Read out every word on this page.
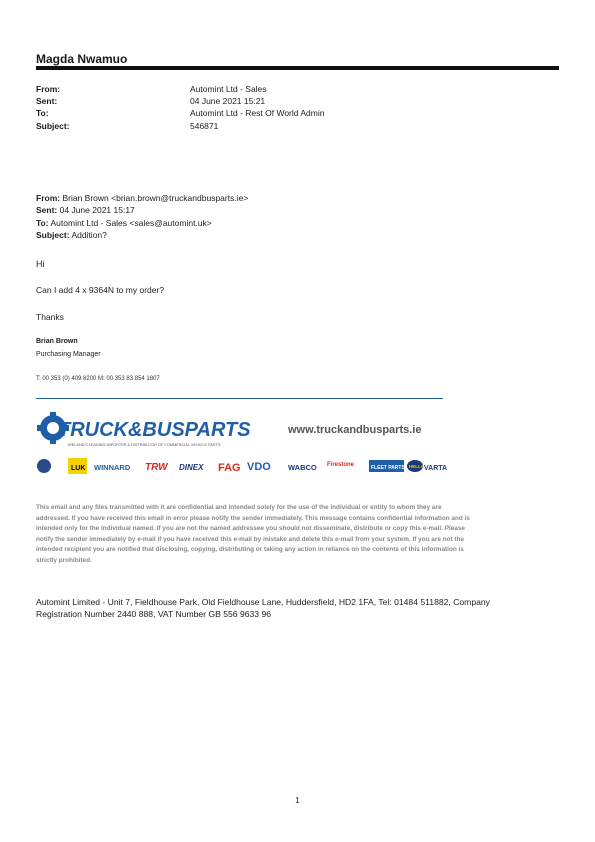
Magda Nwamuo
From:	Automint Ltd - Sales
Sent:	04 June 2021 15:21
To:	Automint Ltd - Rest Of World Admin
Subject:	546871
From: Brian Brown <brian.brown@truckandbusparts.ie>
Sent: 04 June 2021 15:17
To: Automint Ltd - Sales <sales@automint.uk>
Subject: Addition?
Hi
Can I add 4 x 9364N to my order?
Thanks
Brian Brown
Purchasing Manager
T: 00 353 (0) 409 8200 M: 00 353 83 854 1807
TRUCK&BUSPARTS
IRELAND'S LEADING IMPORTER & DISTRIBUTOR OF COMMERCIAL VEHICLE PARTS
www.truckandbusparts.ie
LUK WINNARD TRW DINEX FAG VDO WABCO Firestone	FLEET PARTS HELLA VARTA
This email and any files transmitted with it are confidential and intended solely for the use of the individual or entity to whom they are addressed. If you have received this email in error please notify the sender immediately. This message contains confidential information and is intended only for the individual named. If you are not the named addressee you should not disseminate, distribute or copy this e-mail. Please notify the sender immediately by e-mail if you have received this e-mail by mistake and delete this e-mail from your system. If you are not the intended recipient you are notified that disclosing, copying, distributing or taking any action in reliance on the contents of this information is strictly prohibited.
Automint Limited - Unit 7, Fieldhouse Park, Old Fieldhouse Lane, Huddersfield, HD2 1FA, Tel: 01484 511882, Company Registration Number 2440 888, VAT Number GB 556 9633 96
1
